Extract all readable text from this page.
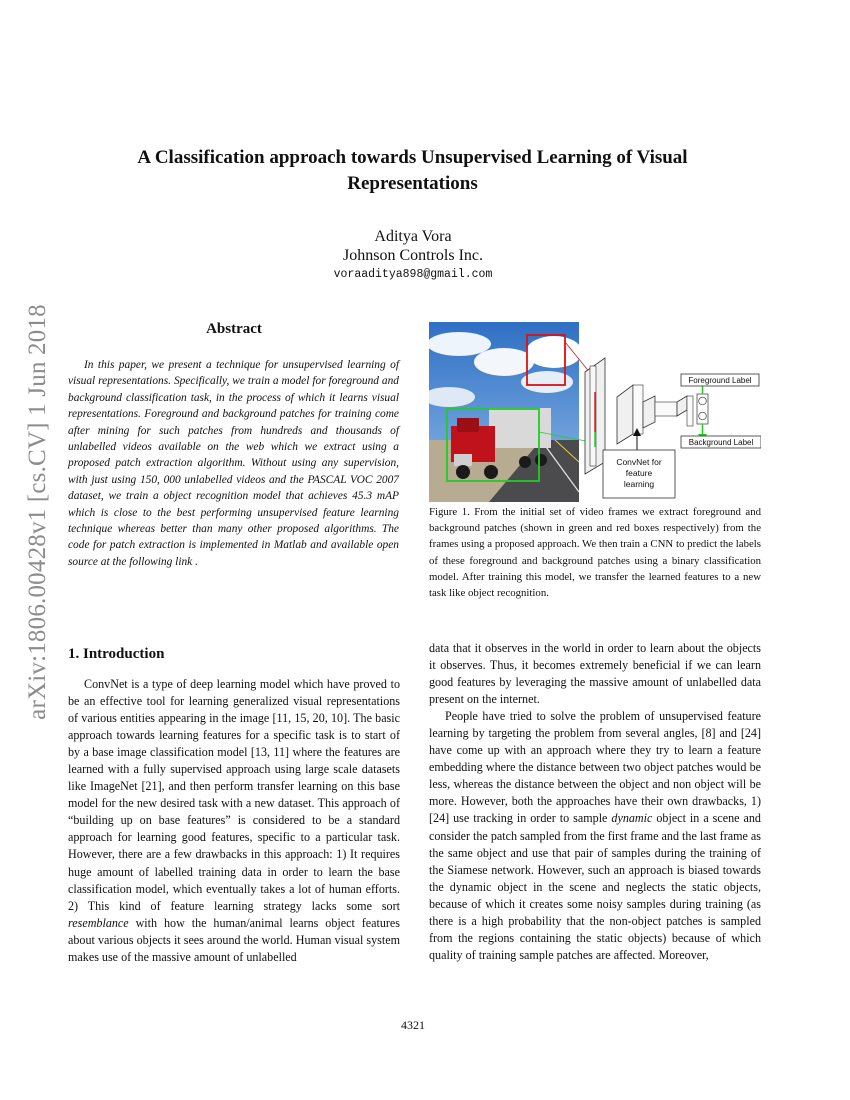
arXiv:1806.00428v1 [cs.CV] 1 Jun 2018
A Classification approach towards Unsupervised Learning of Visual Representations
Aditya Vora
Johnson Controls Inc.
voraaditya898@gmail.com
Abstract

In this paper, we present a technique for unsupervised learning of visual representations. Specifically, we train a model for foreground and background classification task, in the process of which it learns visual representations. Foreground and background patches for training come after mining for such patches from hundreds and thousands of unlabelled videos available on the web which we extract using a proposed patch extraction algorithm. Without using any supervision, with just using 150, 000 unlabelled videos and the PASCAL VOC 2007 dataset, we train a object recognition model that achieves 45.3 mAP which is close to the best performing unsupervised feature learning technique whereas better than many other proposed algorithms. The code for patch extraction is implemented in Matlab and available open source at the following link .

Foreground Label
Background Label
ConvNet for
feature
learning

Figure 1. From the initial set of video frames we extract foreground and background patches (shown in green and red boxes respectively) from the frames using a proposed approach. We then train a CNN to predict the labels of these foreground and background patches using a binary classification model. After training this model, we transfer the learned features to a new task like object recognition.

1. Introduction

ConvNet is a type of deep learning model which have proved to be an effective tool for learning generalized visual representations of various entities appearing in the image [11, 15, 20, 10]. The basic approach towards learning features for a specific task is to start of by a base image classification model [13, 11] where the features are learned with a fully supervised approach using large scale datasets like ImageNet [21], and then perform transfer learning on this base model for the new desired task with a new dataset. This approach of “building up on base features” is considered to be a standard approach for learning good features, specific to a particular task. However, there are a few drawbacks in this approach: 1) It requires huge amount of labelled training data in order to learn the base classification model, which eventually takes a lot of human efforts. 2) This kind of feature learning strategy lacks some sort resemblance with how the human/animal learns object features about various objects it sees around the world. Human visual system makes use of the massive amount of unlabelled

data that it observes in the world in order to learn about the objects it observes. Thus, it becomes extremely beneficial if we can learn good features by leveraging the massive amount of unlabelled data present on the internet.

People have tried to solve the problem of unsupervised feature learning by targeting the problem from several angles, [8] and [24] have come up with an approach where they try to learn a feature embedding where the distance between two object patches would be less, whereas the distance between the object and non object will be more. However, both the approaches have their own drawbacks, 1) [24] use tracking in order to sample dynamic object in a scene and consider the patch sampled from the first frame and the last frame as the same object and use that pair of samples during the training of the Siamese network. However, such an approach is biased towards the dynamic object in the scene and neglects the static objects, because of which it creates some noisy samples during training (as there is a high probability that the non-object patches is sampled from the regions containing the static objects) because of which quality of training sample patches are affected. Moreover,

4321
